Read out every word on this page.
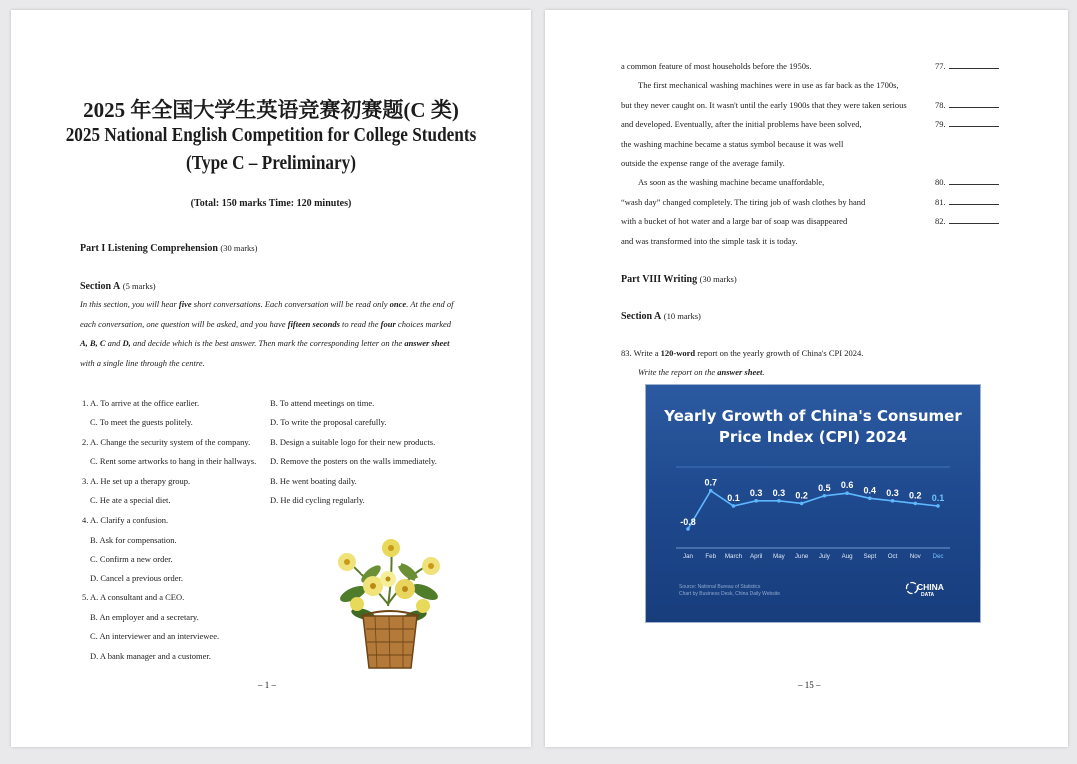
2025 年全国大学生英语竞赛初赛题(C 类)
2025 National English Competition for College Students
(Type C – Preliminary)
(Total: 150 marks Time: 120 minutes)
Part I Listening Comprehension (30 marks)
Section A (5 marks)
In this section, you will hear five short conversations. Each conversation will be read only once. At the end of each conversation, one question will be asked, and you have fifteen seconds to read the four choices marked A, B, C and D, and decide which is the best answer. Then mark the corresponding letter on the answer sheet with a single line through the centre.
1. A. To arrive at the office earlier.	B. To attend meetings on time.
C. To meet the guests politely.	D. To write the proposal carefully.
2. A. Change the security system of the company. B. Design a suitable logo for their new products.
C. Rent some artworks to hang in their hallways. D. Remove the posters on the walls immediately.
3. A. He set up a therapy group.	B. He went boating daily.
C. He ate a special diet.	D. He did cycling regularly.
4. A. Clarify a confusion.
B. Ask for compensation.
C. Confirm a new order.
D. Cancel a previous order.
5. A. A consultant and a CEO.
B. An employer and a secretary.
C. An interviewer and an interviewee.
D. A bank manager and a customer.
– 1 –
a common feature of most households before the 1950s.
The first mechanical washing machines were in use as far back as the 1700s,
but they never caught on. It wasn't until the early 1900s that they were taken serious
and developed. Eventually, after the initial problems have been solved,
the washing machine became a status symbol because it was well
outside the expense range of the average family.
As soon as the washing machine became unaffordable,
“wash day” changed completely. The tiring job of wash clothes by hand
with a bucket of hot water and a large bar of soap was disappeared
and was transformed into the simple task it is today.
77.
78.
79.
80.
81.
82.
Part VIII Writing (30 marks)
Section A (10 marks)
83. Write a 120-word report on the yearly growth of China's CPI 2024.
Write the report on the answer sheet.
Yearly Growth of China's Consumer
Price Index (CPI) 2024
-0.8
Jan
0.7
Feb
0.1
March
0.3
April
0.3
May
0.2
June
0.5
July
0.6
Aug
0.4
Sept
0.3
Oct
0.2
Nov
0.1
Dec
Source: National Bureau of Statistics
Chart by Business Desk, China Daily Website
CHINA
DATA
– 15 –
